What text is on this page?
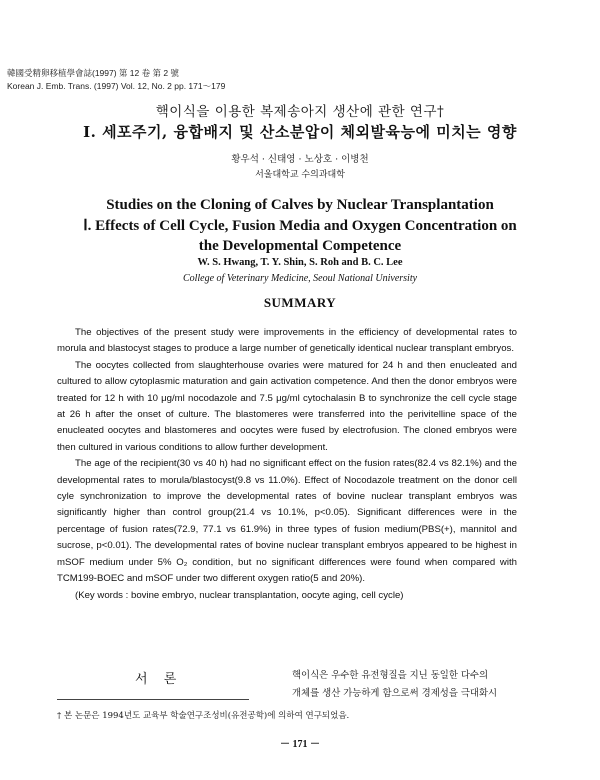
韓國受精卵移植學會誌(1997) 第 12 卷 第 2 號
Korean J. Emb. Trans. (1997) Vol. 12, No. 2 pp. 171～179
핵이식을 이용한 복제송아지 생산에 관한 연구†
Ⅰ. 세포주기, 융합배지 및 산소분압이 체외발육능에 미치는 영향
황우석 · 신태영 · 노상호 · 이병천
서울대학교 수의과대학
Studies on the Cloning of Calves by Nuclear Transplantation
Ⅰ. Effects of Cell Cycle, Fusion Media and Oxygen Concentration on
the Developmental Competence
W. S. Hwang, T. Y. Shin, S. Roh and B. C. Lee
College of Veterinary Medicine, Seoul National University
SUMMARY

The objectives of the present study were improvements in the efficiency of developmental rates to morula and blastocyst stages to produce a large number of genetically identical nuclear transplant embryos.

The oocytes collected from slaughterhouse ovaries were matured for 24 h and then enucleated and cultured to allow cytoplasmic maturation and gain activation competence. And then the donor embryos were treated for 12 h with 10 μg/ml nocodazole and 7.5 μg/ml cytochalasin B to synchronize the cell cycle stage at 26 h after the onset of culture. The blastomeres were transferred into the perivitelline space of the enucleated oocytes and blastomeres and oocytes were fused by electrofusion. The cloned embryos were then cultured in various conditions to allow further development.

The age of the recipient(30 vs 40 h) had no significant effect on the fusion rates(82.4 vs 82.1%) and the developmental rates to morula/blastocyst(9.8 vs 11.0%). Effect of Nocodazole treatment on the donor cell cyle synchronization to improve the developmental rates of bovine nuclear transplant embryos was significantly higher than control group(21.4 vs 10.1%, p<0.05). Significant differences were in the percentage of fusion rates(72.9, 77.1 vs 61.9%) in three types of fusion medium(PBS(+), mannitol and sucrose, p<0.01). The developmental rates of bovine nuclear transplant embryos appeared to be highest in mSOF medium under 5% O₂ condition, but no significant differences were found when compared with TCM199-BOEC and mSOF under two different oxygen ratio(5 and 20%).

(Key words : bovine embryo, nuclear transplantation, oocyte aging, cell cycle)

서 론	핵이식은 우수한 유전형질을 지닌 동일한 다수의
개체를 생산 가능하게 함으로써 경제성을 극대화시
† 본 논문은 1994년도 교육부 학술연구조성비(유전공학)에 의하여 연구되었음.
－ 171 －
